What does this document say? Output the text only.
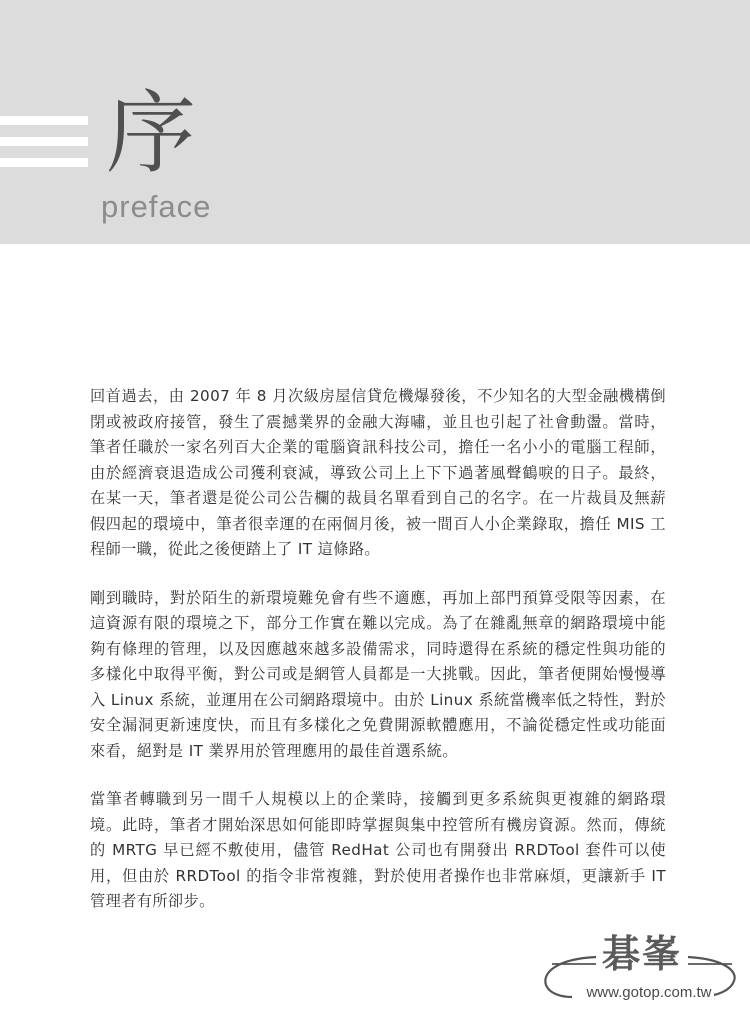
序
preface

回首過去，由 2007 年 8 月次級房屋信貸危機爆發後，不少知名的大型金融機構倒閉或被政府接管，發生了震撼業界的金融大海嘯，並且也引起了社會動盪。當時，筆者任職於一家名列百大企業的電腦資訊科技公司，擔任一名小小的電腦工程師，由於經濟衰退造成公司獲利衰減，導致公司上上下下過著風聲鶴唳的日子。最終，在某一天，筆者還是從公司公告欄的裁員名單看到自己的名字。在一片裁員及無薪假四起的環境中，筆者很幸運的在兩個月後，被一間百人小企業錄取，擔任 MIS 工程師一職，從此之後便踏上了 IT 這條路。

剛到職時，對於陌生的新環境難免會有些不適應，再加上部門預算受限等因素，在這資源有限的環境之下，部分工作實在難以完成。為了在雜亂無章的網路環境中能夠有條理的管理，以及因應越來越多設備需求，同時還得在系統的穩定性與功能的多樣化中取得平衡，對公司或是網管人員都是一大挑戰。因此，筆者便開始慢慢導入 Linux 系統，並運用在公司網路環境中。由於 Linux 系統當機率低之特性，對於安全漏洞更新速度快，而且有多樣化之免費開源軟體應用，不論從穩定性或功能面來看，絕對是 IT 業界用於管理應用的最佳首選系統。

當筆者轉職到另一間千人規模以上的企業時，接觸到更多系統與更複雜的網路環境。此時，筆者才開始深思如何能即時掌握與集中控管所有機房資源。然而，傳統的 MRTG 早已經不敷使用，儘管 RedHat 公司也有開發出 RRDTool 套件可以使用，但由於 RRDTool 的指令非常複雜，對於使用者操作也非常麻煩，更讓新手 IT 管理者有所卻步。

碁峯
www.gotop.com.tw
